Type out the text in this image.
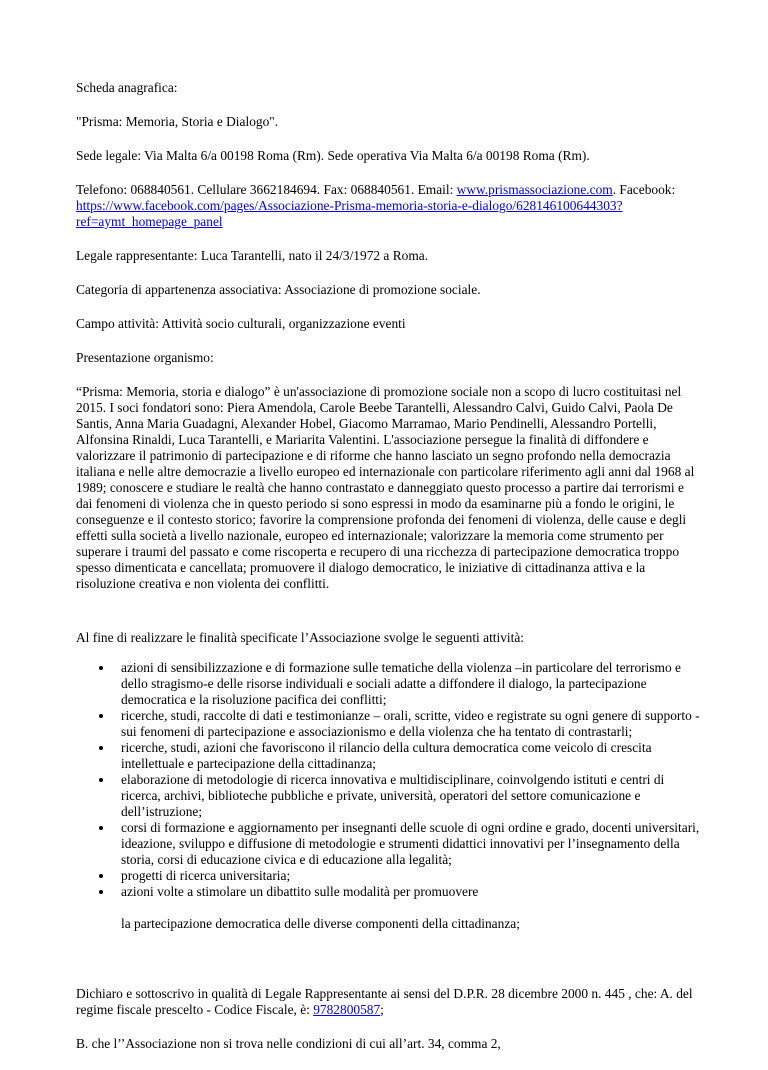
Scheda anagrafica:

"Prisma: Memoria, Storia e Dialogo".

Sede legale: Via Malta 6/a 00198 Roma (Rm). Sede operativa Via Malta 6/a 00198 Roma (Rm).

Telefono: 068840561. Cellulare 3662184694. Fax: 068840561. Email: www.prismassociazione.com. Facebook: https://www.facebook.com/pages/Associazione-Prisma-memoria-storia-e-dialogo/628146100644303?ref=aymt_homepage_panel

Legale rappresentante: Luca Tarantelli, nato il 24/3/1972 a Roma.

Categoria di appartenenza associativa: Associazione di promozione sociale.

Campo attività: Attività socio culturali, organizzazione eventi

Presentazione organismo:

“Prisma: Memoria, storia e dialogo” è un'associazione di promozione sociale non a scopo di lucro costituitasi nel 2015. I soci fondatori sono: Piera Amendola, Carole Beebe Tarantelli, Alessandro Calvi, Guido Calvi, Paola De Santis, Anna Maria Guadagni, Alexander Hobel, Giacomo Marramao, Mario Pendinelli, Alessandro Portelli, Alfonsina Rinaldi, Luca Tarantelli, e Mariarita Valentini. L'associazione persegue la finalità di diffondere e valorizzare il patrimonio di partecipazione e di riforme che hanno lasciato un segno profondo nella democrazia italiana e nelle altre democrazie a livello europeo ed internazionale con particolare riferimento agli anni dal 1968 al 1989; conoscere e studiare le realtà che hanno contrastato e danneggiato questo processo a partire dai terrorismi e dai fenomeni di violenza che in questo periodo si sono espressi in modo da esaminarne più a fondo le origini, le conseguenze e il contesto storico; favorire la comprensione profonda dei fenomeni di violenza, delle cause e degli effetti sulla società a livello nazionale, europeo ed internazionale; valorizzare la memoria come strumento per superare i traumi del passato e come riscoperta e recupero di una ricchezza di partecipazione democratica troppo spesso dimenticata e cancellata; promuovere il dialogo democratico, le iniziative di cittadinanza attiva e la risoluzione creativa e non violenta dei conflitti.

Al fine di realizzare le finalità specificate l’Associazione svolge le seguenti attività:

azioni di sensibilizzazione e di formazione sulle tematiche della violenza –in particolare del terrorismo e dello stragismo-e delle risorse individuali e sociali adatte a diffondere il dialogo, la partecipazione democratica e la risoluzione pacifica dei conflitti;
ricerche, studi, raccolte di dati e testimonianze – orali, scritte, video e registrate su ogni genere di supporto - sui fenomeni di partecipazione e associazionismo e della violenza che ha tentato di contrastarli;
ricerche, studi, azioni che favoriscono il rilancio della cultura democratica come veicolo di crescita intellettuale e partecipazione della cittadinanza;
elaborazione di metodologie di ricerca innovativa e multidisciplinare, coinvolgendo istituti e centri di ricerca, archivi, biblioteche pubbliche e private, università, operatori del settore comunicazione e dell’istruzione;
corsi di formazione e aggiornamento per insegnanti delle scuole di ogni ordine e grado, docenti universitari, ideazione, sviluppo e diffusione di metodologie e strumenti didattici innovativi per l’insegnamento della storia, corsi di educazione civica e di educazione alla legalità;
progetti di ricerca universitaria;
azioni volte a stimolare un dibattito sulle modalità per promuovere

la partecipazione democratica delle diverse componenti della cittadinanza;

Dichiaro e sottoscrivo in qualità di Legale Rappresentante ai sensi del D.P.R. 28 dicembre 2000 n. 445 , che: A. del regime fiscale prescelto - Codice Fiscale, è: 9782800587;

B. che l’’Associazione non si trova nelle condizioni di cui all’art. 34, comma 2,
